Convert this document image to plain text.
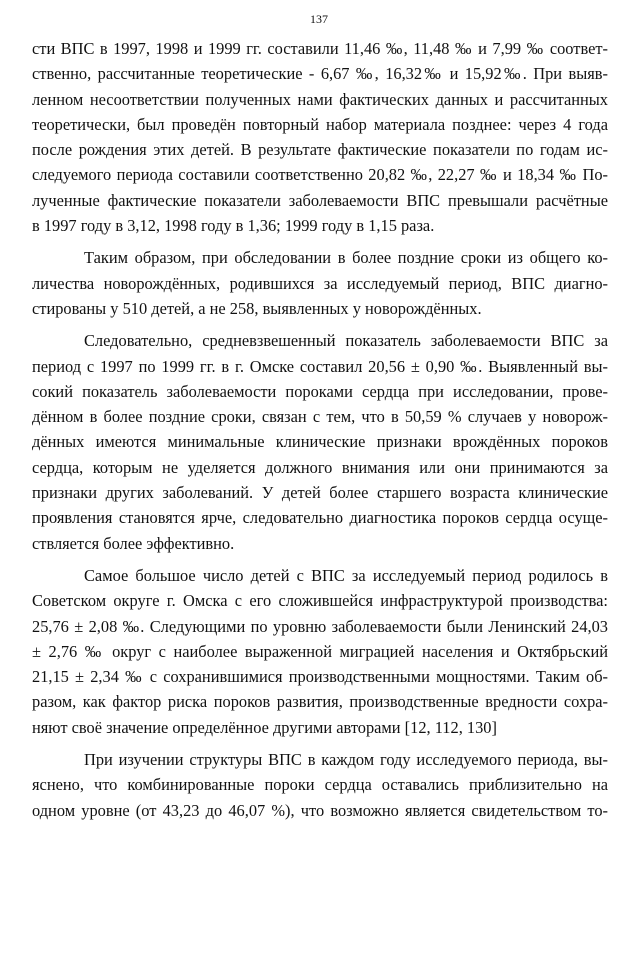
137
сти ВПС в 1997, 1998 и 1999 гг. составили 11,46 ‰, 11,48 ‰ и 7,99 ‰ соответ-
ственно, рассчитанные теоретические - 6,67 ‰, 16,32‰ и 15,92‰. При выяв-
ленном несоответствии полученных нами фактических данных и рассчитанных
теоретически, был проведён повторный набор материала позднее: через 4 года
после рождения этих детей. В результате фактические показатели по годам ис-
следуемого периода составили соответственно 20,82 ‰, 22,27 ‰ и 18,34 ‰ По-
лученные фактические показатели заболеваемости ВПС превышали расчётные
в 1997 году в 3,12, 1998 году в 1,36; 1999 году в 1,15 раза.
Таким образом, при обследовании в более поздние сроки из общего ко-
личества новорождённых, родившихся за исследуемый период, ВПС диагно-
стированы у 510 детей, а не 258, выявленных у новорождённых.
Следовательно, средневзвешенный показатель заболеваемости ВПС за
период с 1997 по 1999 гг. в г. Омске составил 20,56 ± 0,90 ‰. Выявленный вы-
сокий показатель заболеваемости пороками сердца при исследовании, прове-
дённом в более поздние сроки, связан с тем, что в 50,59 % случаев у новорож-
дённых имеются минимальные клинические признаки врождённых пороков
сердца, которым не уделяется должного внимания или они принимаются за
признаки других заболеваний. У детей более старшего возраста клинические
проявления становятся ярче, следовательно диагностика пороков сердца осуще-
ствляется более эффективно.
Самое большое число детей с ВПС за исследуемый период родилось в
Советском округе г. Омска с его сложившейся инфраструктурой производства:
25,76 ± 2,08 ‰. Следующими по уровню заболеваемости были Ленинский 24,03
± 2,76 ‰ округ с наиболее выраженной миграцией населения и Октябрьский
21,15 ± 2,34 ‰ с сохранившимися производственными мощностями. Таким об-
разом, как фактор риска пороков развития, производственные вредности сохра-
няют своё значение определённое другими авторами [12, 112, 130]
При изучении структуры ВПС в каждом году исследуемого периода, вы-
яснено, что комбинированные пороки сердца оставались приблизительно на
одном уровне (от 43,23 до 46,07 %), что возможно является свидетельством то-
